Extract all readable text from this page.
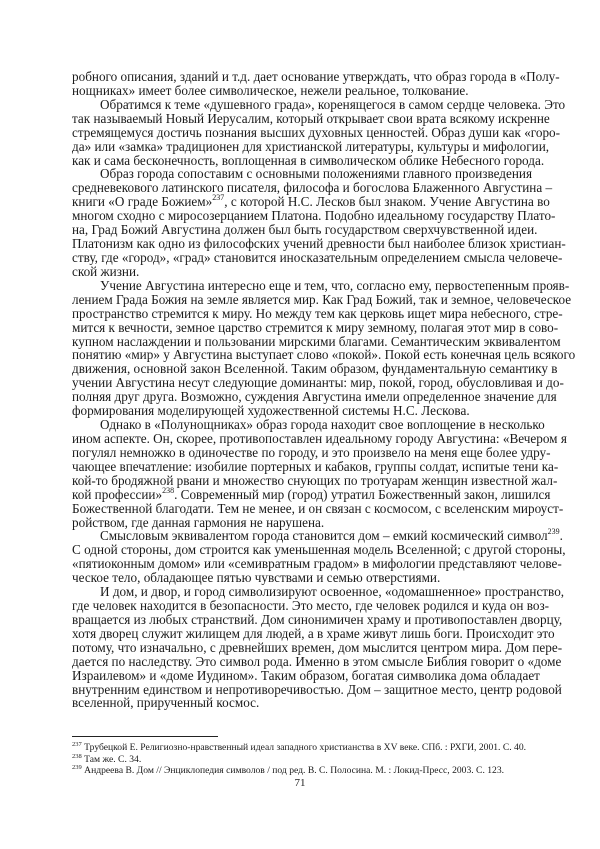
робного описания, зданий и т.д. дает основание утверждать, что образ города в «Полу-
нощниках» имеет более символическое, нежели реальное, толкование.
Обратимся к теме «душевного града», коренящегося в самом сердце человека. Это
так называемый Новый Иерусалим, который открывает свои врата всякому искренне
стремящемуся достичь познания высших духовных ценностей. Образ души как «горо-
да» или «замка» традиционен для христианской литературы, культуры и мифологии,
как и сама бесконечность, воплощенная в символическом облике Небесного города.
Образ города сопоставим с основными положениями главного произведения
средневекового латинского писателя, философа и богослова Блаженного Августина –
книги «О граде Божием»$^{237}$, с которой Н.С. Лесков был знаком. Учение Августина во
многом сходно с миросозерцанием Платона. Подобно идеальному государству Плато-
на, Град Божий Августина должен был быть государством сверхчувственной идеи.
Платонизм как одно из философских учений древности был наиболее близок христиан-
ству, где «город», «град» становится иносказательным определением смысла человече-
ской жизни.
Учение Августина интересно еще и тем, что, согласно ему, первостепенным прояв-
лением Града Божия на земле является мир. Как Град Божий, так и земное, человеческое
пространство стремится к миру. Но между тем как церковь ищет мира небесного, стре-
мится к вечности, земное царство стремится к миру земному, полагая этот мир в сово-
купном наслаждении и пользовании мирскими благами. Семантическим эквивалентом
понятию «мир» у Августина выступает слово «покой». Покой есть конечная цель всякого
движения, основной закон Вселенной. Таким образом, фундаментальную семантику в
учении Августина несут следующие доминанты: мир, покой, город, обусловливая и до-
полняя друг друга. Возможно, суждения Августина имели определенное значение для
формирования моделирующей художественной системы Н.С. Лескова.
Однако в «Полунощниках» образ города находит свое воплощение в несколько
ином аспекте. Он, скорее, противопоставлен идеальному городу Августина: «Вечером я
погулял немножко в одиночестве по городу, и это произвело на меня еще более удру-
чающее впечатление: изобилие портерных и кабаков, группы солдат, испитые тени ка-
кой-то бродяжной рвани и множество снующих по тротуарам женщин известной жал-
кой профессии»$^{238}$. Современный мир (город) утратил Божественный закон, лишился
Божественной благодати. Тем не менее, и он связан с космосом, с вселенским мироуст-
ройством, где данная гармония не нарушена.
Смысловым эквивалентом города становится дом – емкий космический символ$^{239}$.
С одной стороны, дом строится как уменьшенная модель Вселенной; с другой стороны,
«пятиоконным домом» или «семивратным градом» в мифологии представляют челове-
ческое тело, обладающее пятью чувствами и семью отверстиями.
И дом, и двор, и город символизируют освоенное, «одомашненное» пространство,
где человек находится в безопасности. Это место, где человек родился и куда он воз-
вращается из любых странствий. Дом синонимичен храму и противопоставлен дворцу,
хотя дворец служит жилищем для людей, а в храме живут лишь боги. Происходит это
потому, что изначально, с древнейших времен, дом мыслится центром мира. Дом пере-
дается по наследству. Это символ рода. Именно в этом смысле Библия говорит о «доме
Израилевом» и «доме Иудином». Таким образом, богатая символика дома обладает
внутренним единством и непротиворечивостью. Дом – защитное место, центр родовой
вселенной, прирученный космос.
$^{237}$ Трубецкой Е. Религиозно-нравственный идеал западного христианства в XV веке. СПб. : РХГИ, 2001. С. 40.
$^{238}$ Там же. С. 34.
$^{239}$ Андреева В. Дом // Энциклопедия символов / под ред. В. С. Полосина. М. : Локид-Пресс, 2003. С. 123.
71
